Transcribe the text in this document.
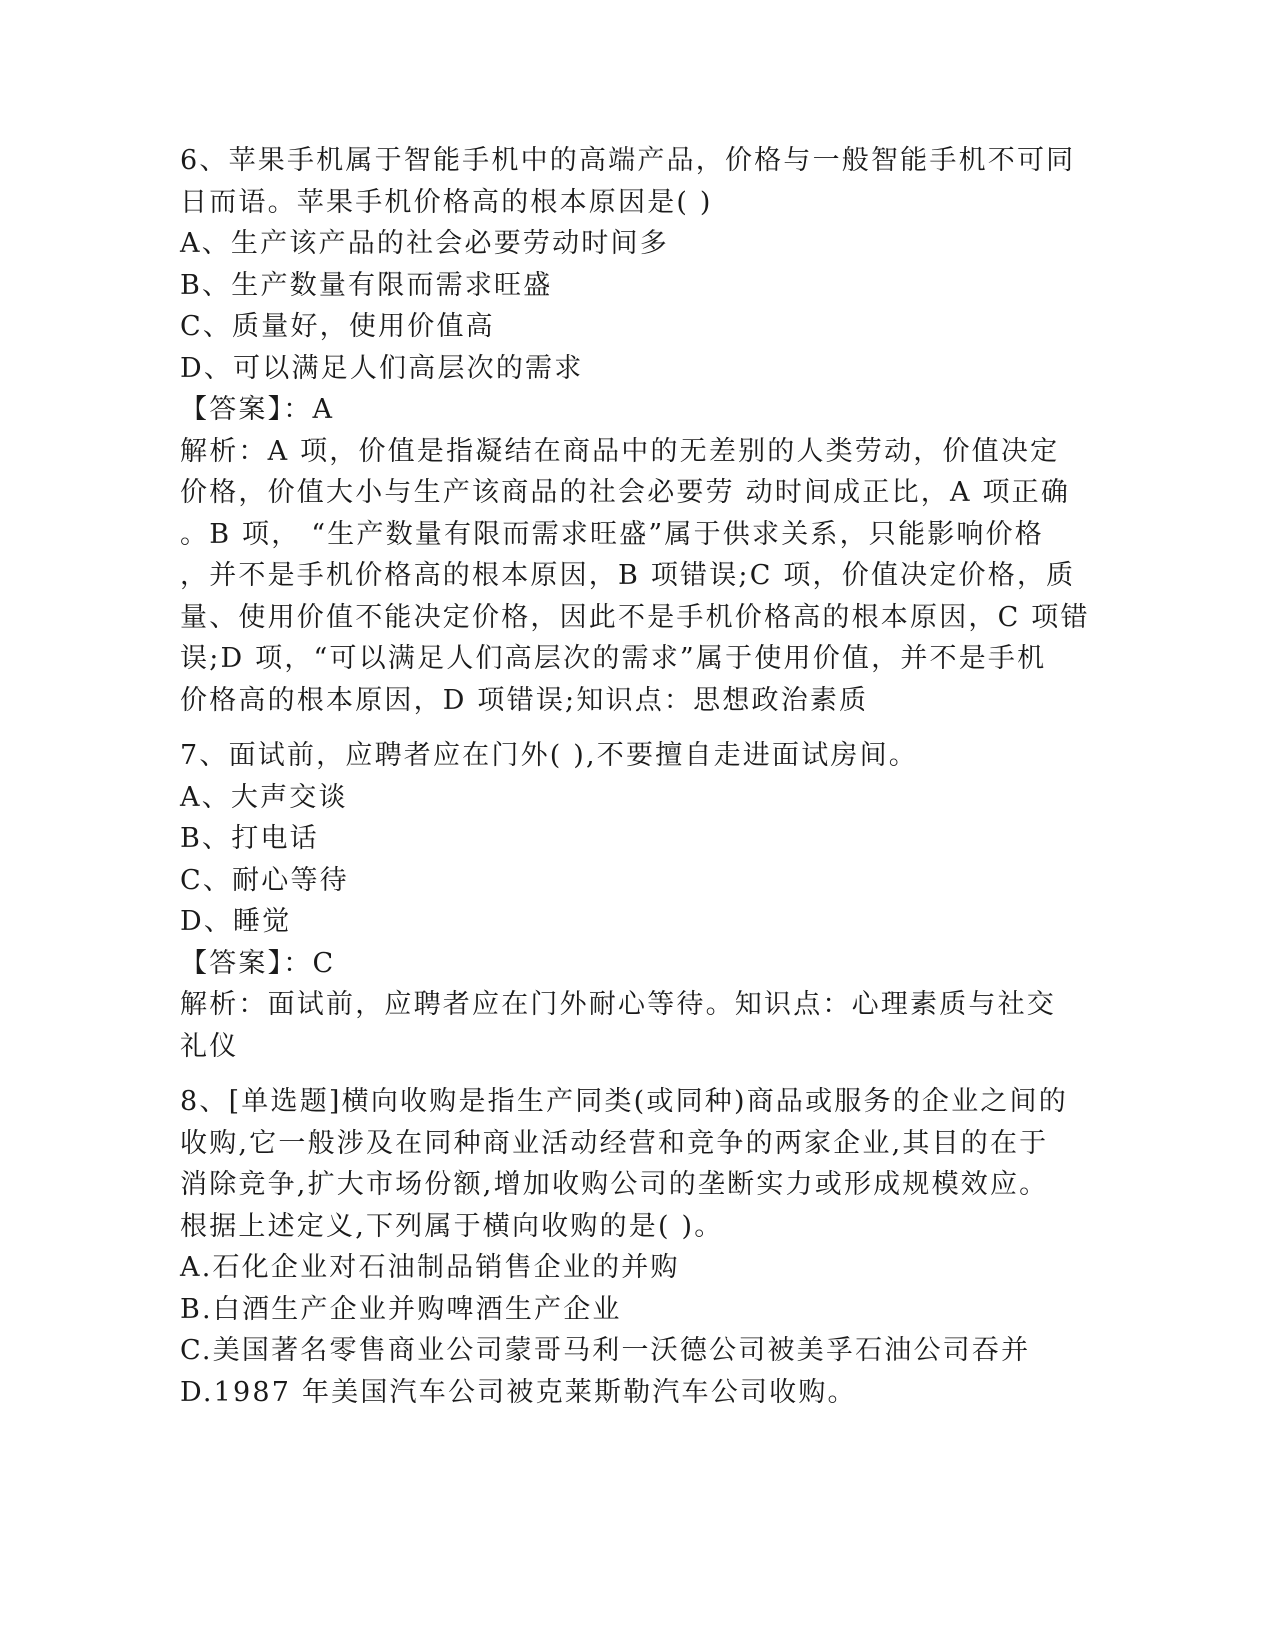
6、苹果手机属于智能手机中的高端产品，价格与一般智能手机不可同
日而语。苹果手机价格高的根本原因是( )
A、生产该产品的社会必要劳动时间多
B、生产数量有限而需求旺盛
C、质量好，使用价值高
D、可以满足人们高层次的需求
【答案】：A
解析：A 项，价值是指凝结在商品中的无差别的人类劳动，价值决定
价格，价值大小与生产该商品的社会必要劳 动时间成正比，A 项正确
。B 项， “生产数量有限而需求旺盛”属于供求关系，只能影响价格
，并不是手机价格高的根本原因，B 项错误;C 项，价值决定价格，质
量、使用价值不能决定价格，因此不是手机价格高的根本原因，C 项错
误;D 项，“可以满足人们高层次的需求”属于使用价值，并不是手机
价格高的根本原因，D 项错误;知识点：思想政治素质
7、面试前，应聘者应在门外( ),不要擅自走进面试房间。
A、大声交谈
B、打电话
C、耐心等待
D、睡觉
【答案】：C
解析：面试前，应聘者应在门外耐心等待。知识点：心理素质与社交
礼仪
8、[单选题]横向收购是指生产同类(或同种)商品或服务的企业之间的
收购,它一般涉及在同种商业活动经营和竞争的两家企业,其目的在于
消除竞争,扩大市场份额,增加收购公司的垄断实力或形成规模效应。
根据上述定义,下列属于横向收购的是( )。
A.石化企业对石油制品销售企业的并购
B.白酒生产企业并购啤酒生产企业
C.美国著名零售商业公司蒙哥马利一沃德公司被美孚石油公司吞并
D.1987 年美国汽车公司被克莱斯勒汽车公司收购。
